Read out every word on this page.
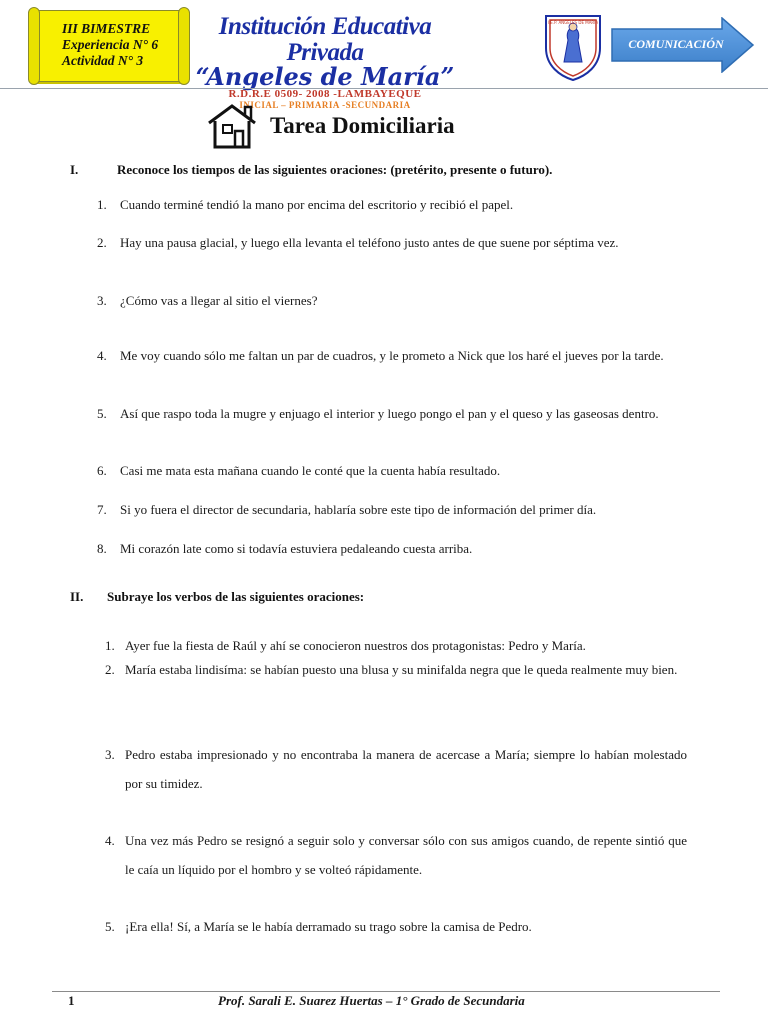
III BIMESTRE
Experiencia N° 6
Actividad N° 3
Institución Educativa Privada
“Angeles de María”
R.D.R.E 0509- 2008 -LAMBAYEQUE
INICIAL – PRIMARIA -SECUNDARIA
I.E.P. ANGELES DE MARÍA
COMUNICACIÓN
Tarea Domiciliaria
I.	Reconoce los tiempos de las siguientes oraciones: (pretérito, presente o futuro).
1.	Cuando terminé tendió la mano por encima del escritorio y recibió el papel.
2.	Hay una pausa glacial, y luego ella levanta el teléfono justo antes de que suene por séptima vez.
3.	¿Cómo vas a llegar al sitio el viernes?
4.	Me voy cuando sólo me faltan un par de cuadros, y le prometo a Nick que los haré el jueves por la tarde.
5.	Así que raspo toda la mugre y enjuago el interior y luego pongo el pan y el queso y las gaseosas dentro.
6.	Casi me mata esta mañana cuando le conté que la cuenta había resultado.
7.	Si yo fuera el director de secundaria, hablaría sobre este tipo de información del primer día.
8.	Mi corazón late como si todavía estuviera pedaleando cuesta arriba.
II. Subraye los verbos de las siguientes oraciones:
1. Ayer fue la fiesta de Raúl y ahí se conocieron nuestros dos protagonistas: Pedro y María.
2. María estaba lindisíma: se habían puesto una blusa y su minifalda negra que le queda realmente muy bien.
3. Pedro estaba impresionado y no encontraba la manera de acercase a María; siempre lo habían molestado por su timidez.
4. Una vez más Pedro se resignó a seguir solo y conversar sólo con sus amigos cuando, de repente sintió que le caía un líquido por el hombro y se volteó rápidamente.
5. ¡Era ella! Sí, a María se le había derramado su trago sobre la camisa de Pedro.
1	Prof. Sarali E. Suarez Huertas – 1° Grado de Secundaria
